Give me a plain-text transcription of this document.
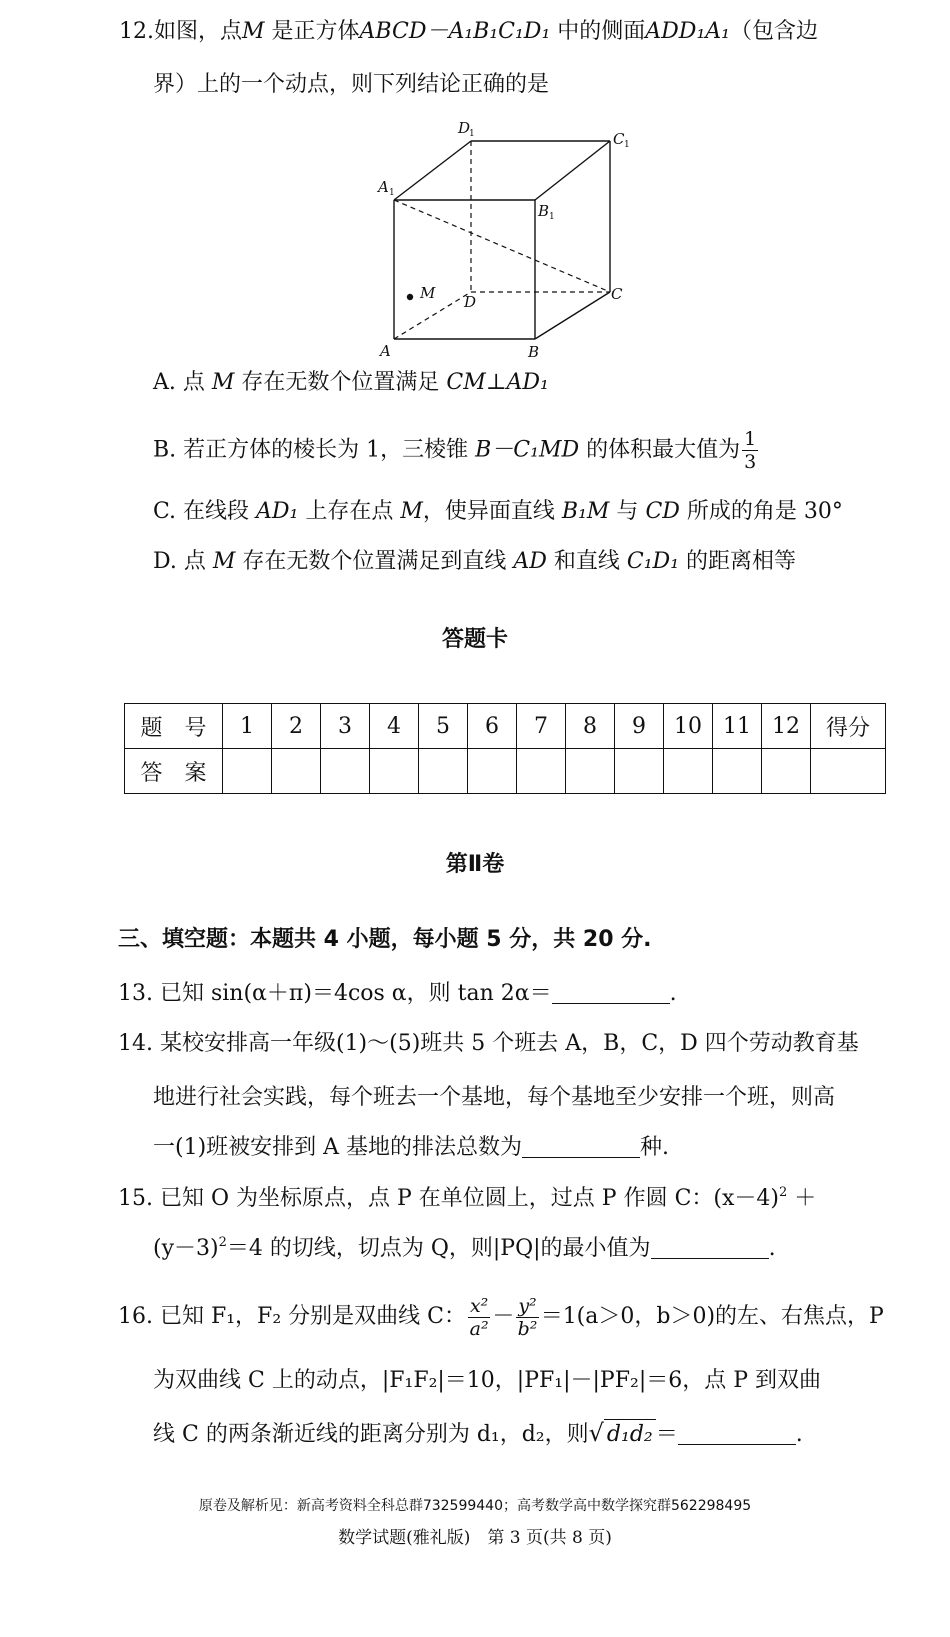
12.如图，点M 是正方体ABCD－A₁B₁C₁D₁ 中的侧面ADD₁A₁（包含边
界）上的一个动点，则下列结论正确的是
D
1	C 1
A 1
B 1
M D	C
A	B
A. 点 M 存在无数个位置满足 CM⊥AD₁
B. 若正方体的棱长为 1，三棱锥 B－C₁MD 的体积最大值为 $\frac{1}{3}$
C. 在线段 AD₁ 上存在点 M，使异面直线 B₁M 与 CD 所成的角是 30°
D. 点 M 存在无数个位置满足到直线 AD 和直线 C₁D₁ 的距离相等
答题卡
题　号	1	2	3	4	5	6	7	8	9	10	11	12	得分
答　案													
第Ⅱ卷
三、填空题：本题共 4 小题，每小题 5 分，共 20 分.
13. 已知 sin(α＋π)＝4cos α，则 tan 2α＝	.
14. 某校安排高一年级(1)～(5)班共 5 个班去 A，B，C，D 四个劳动教育基
地进行社会实践，每个班去一个基地，每个基地至少安排一个班，则高
一(1)班被安排到 A 基地的排法总数为	种.
15. 已知 O 为坐标原点，点 P 在单位圆上，过点 P 作圆 C：$(x-4)^2$ ＋
$(y-3)^2=4$ 的切线，切点为 Q，则|PQ|的最小值为	.
16. 已知 F₁，F₂ 分别是双曲线 C： $\frac{\text{x²}}{\text{a²}} - \frac{\text{y²}}{\text{b²}} =1(a>0$，b＞0)的左、右焦点，P
为双曲线 C 上的动点，|F₁F₂|＝10，|PF₁|－|PF₂|＝6，点 P 到双曲
线 C 的两条渐近线的距离分别为 d₁，d₂，则√ d₁d₂ ＝	.
原卷及解析见：新高考资料全科总群732599440；高考数学高中数学探究群562298495
数学试题(雅礼版)　第 3 页(共 8 页)
